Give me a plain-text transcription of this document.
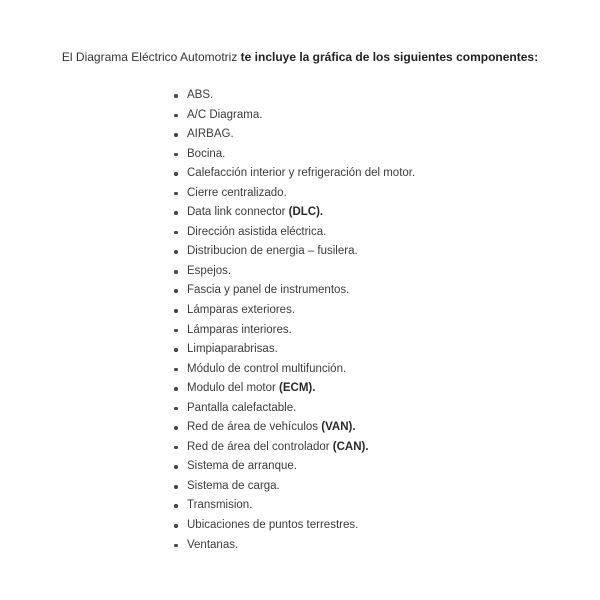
El Diagrama Eléctrico Automotriz te incluye la gráfica de los siguientes componentes:

ABS.
A/C Diagrama.
AIRBAG.
Bocina.
Calefacción interior y refrigeración del motor.
Cierre centralizado.
Data link connector (DLC).
Dirección asistida eléctrica.
Distribucion de energia – fusilera.
Espejos.
Fascia y panel de instrumentos.
Lámparas exteriores.
Lámparas interiores.
Limpiaparabrisas.
Módulo de control multifunción.
Modulo del motor (ECM).
Pantalla calefactable.
Red de área de vehículos (VAN).
Red de área del controlador (CAN).
Sistema de arranque.
Sistema de carga.
Transmision.
Ubicaciones de puntos terrestres.
Ventanas.
